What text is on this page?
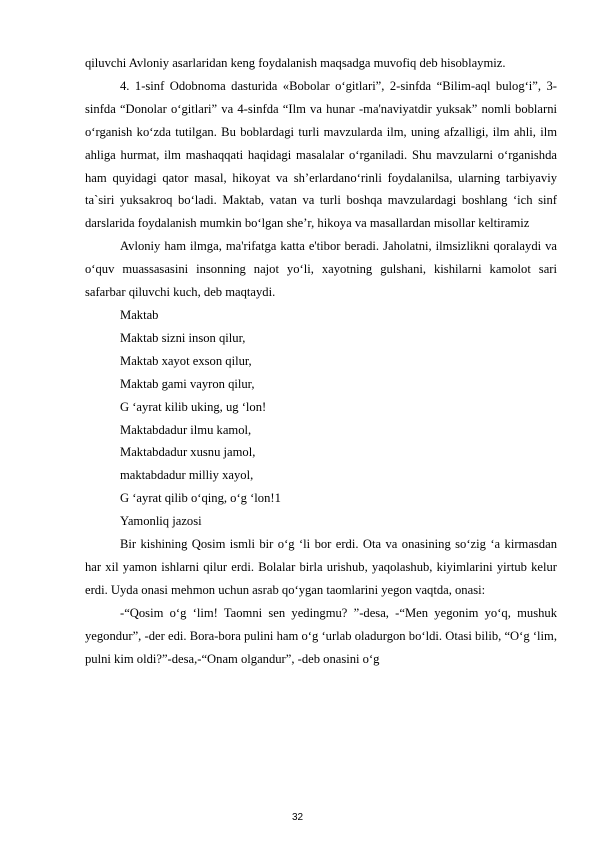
qiluvchi Avloniy asarlaridan keng foydalanish maqsadga muvofiq deb hisoblaymiz.

4. 1-sinf Odobnoma dasturida «Bobolar o‘gitlari”, 2-sinfda “Bilim-aql bulog‘i”, 3-sinfda “Donolar o‘gitlari” va 4-sinfda “Ilm va hunar -ma'naviyatdir yuksak” nomli boblarni o‘rganish ko‘zda tutilgan. Bu boblardagi turli mavzularda ilm, uning afzalligi, ilm ahli, ilm ahliga hurmat, ilm mashaqqati haqidagi masalalar o‘rganiladi. Shu mavzularni o‘rganishda ham quyidagi qator masal, hikoyat va sh’erlardano‘rinli foydalanilsa, ularning tarbiyaviy ta`siri yuksakroq bo‘ladi. Maktab, vatan va turli boshqa mavzulardagi boshlang ‘ich sinf darslarida foydalanish mumkin bo‘lgan she’r, hikoya va masallardan misollar keltiramiz

Avloniy ham ilmga, ma'rifatga katta e'tibor beradi. Jaholatni, ilmsizlikni qoralaydi va o‘quv muassasasini insonning najot yo‘li, xayotning gulshani, kishilarni kamolot sari safarbar qiluvchi kuch, deb maqtaydi.

Maktab

Maktab sizni inson qilur,

Maktab xayot exson qilur,

Maktab gami vayron qilur,

G ‘ayrat kilib uking, ug ‘lon!

Maktabdadur ilmu kamol,

Maktabdadur xusnu jamol,

maktabdadur milliy xayol,

G ‘ayrat qilib o‘qing, o‘g ‘lon!1

Yamonliq jazosi

Bir kishining Qosim ismli bir o‘g ‘li bor erdi. Ota va onasining so‘zig ‘a kirmasdan har xil yamon ishlarni qilur erdi. Bolalar birla urishub, yaqolashub, kiyimlarini yirtub kelur erdi. Uyda onasi mehmon uchun asrab qo‘ygan taomlarini yegon vaqtda, onasi:

-“Qosim o‘g ‘lim! Taomni sen yedingmu? ”-desa, -“Men yegonim yo‘q, mushuk yegondur”, -der edi. Bora-bora pulini ham o‘g ‘urlab oladurgon bo‘ldi. Otasi bilib, “O‘g ‘lim, pulni kim oldi?”-desa,-“Onam olgandur”, -deb onasini o‘g

32
